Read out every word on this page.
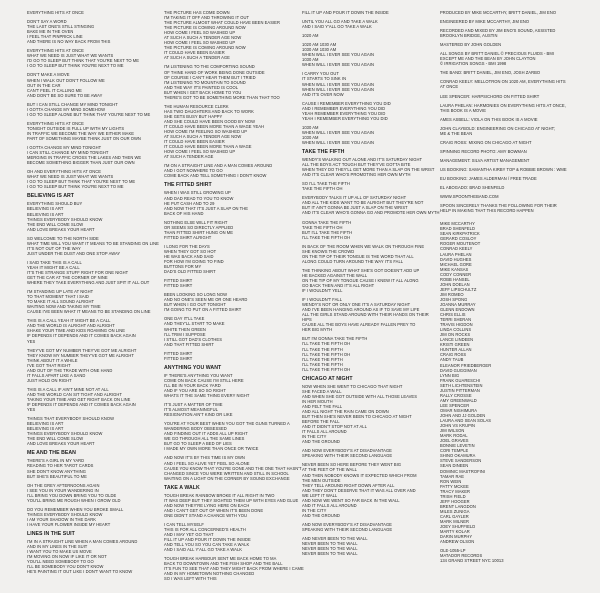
EVERYTHING HITS AT ONCE
DON'T SAY A WORD
THE LAST ONE'S STILL STINGING
BAKE ME IN THE OVEN
I FEEL THAT PINPRICK LINE
AND THERE IS NO WAY BACK FROM THIS
EVERYTHING HITS AT ONCE
WHAT WE NEED IS JUST WHAT WE WANTS
I'D GO TO SLEEP BUT THINK THAT YOU'RE NEXT TO ME
I GO TO SLEEP BUT THINK YOU'RE NEXT TO ME
DON'T MAKE A MOVE
WHEN I WALK OUT DON'T FOLLOW ME
OUT IN THE CAR
CAN'T FEEL IT CALLING ME
AND DON'T BE SO SURE TO BE AWAY
BUT I CAN STILL CHANGE MY MIND TONIGHT
I GOTTA CHANGE MY MIND SOMEHOW
I GO TO SLEEP ALONE BUT THINK THAT YOU'RE NEXT TO ME
EVERYTHING HITS AT ONCE
TONIGHT OUTSIDE IS FULL UP WITH MY LIGHTS
IN TRAFFIC WE BECOME THE WAY WE EITHER MAKE
PART OF SOMETHING MAYBE THINK JUST ON OUR OWN
I GOTTA CHANGE MY MIND TONIGHT
I CAN STILL CHANGE MY MIND TONIGHT
MERGING IN TRAFFIC CROSS THE LAKES AND THEN WE
BECOME SOMETHING BIGGER THAN JUST OUR OWN
OH AND EVERYTHING HITS AT ONCE
WHAT WE NEED IS JUST WHAT WE WANTS
I GO TO SLEEP BUT THINK THAT YOU'RE NEXT TO ME
I GO TO SLEEP BUT THINK YOU'RE NEXT TO ME
BELIEVING IS ART
EVERYTHING SHOULD BUY
BELIEVING IS ART
BELIEVING IS ART
THINGS EVERYBODY SHOULD KNOW
THE END WILL COME SLOW
AND LOVE BREAKS YOUR HEART
SO WELCOME TO THE NORTH SIDE
WHAT TIME WILL YOU WANT IT MEANS TO BE STANDING ON LINE
IT'S NOT OUT OF THE WAY
JUST UNDER THE DUST AND ONE STOP AWAY
I SAID TAKE THIS IS A CALL
YEAH IT MIGHT BE A CALL
IT'S THE STRANGE STUFF RIGHT FOR ONE NIGHT
GET THE CAR AT THE CORNER OF NINE
WHERE THEY TAKE EVERYTHING AND JUST SPIT IT ALL OUT
I'M STANDING UP LATE AT NIGHT
TO THAT MOMENT THAT I SAID
TO MAKE IT ALL SOUND ALRIGHT
WAITING NOW AND TAKING MY TIME
CAUSE I'VE BEEN WHAT IT MEANS TO BE STANDING ON LINE
THIS IS A CALL YEAH IT MIGHT BE A CALL
AND THE WORLD IS ALRIGHT AND ALRIGHT
SHAKE YOUR TIME AND KIDS ROAMING ON LINE
IF DEPENDS IT DEPENDS AND IT COMES BACK AGAIN
YES
THEY'VE GOT MY NUMBER THEY'VE GOT ME ALRIGHT
THEY KNOW MY NUMBER THEY'VE GOT ME ALRIGHT
THINK ABOUT IT A WHILE
I'VE GOT THAT RIGHT
AND OUT OF THE TRADE WITH ONE HAND
IT FALLS APART LIKE A SAND
JUST HOLD ON RIGHT
THIS IS A CALL IF AIN'T MINE NOT AT ALL
AND THE WORLD CAN SIT TIGHT AND ALRIGHT
TAKING YOUR TIME AND GET RIGHT BACK ON LINE
IF DEPENDS IT DEPENDS AND IT COMES BACK AGAIN
YES
THINGS THAT EVERYBODY SHOULD KNOW
BELIEVING IS ART
BELIEVING IS ART
THINGS EVERYBODY SHOULD KNOW
THE END WILL COME SLOW
AND LOVE BREAKS YOUR HEART
ME AND THE BEAN
THERE'S A GIRL IN MY YARD
READING TO HER TAROT CARDS
SHE DON'T KNOW ANYTHING
BUT SHE'S BEAUTIFUL TO ME
OH THE GREY AFTERNOONS AGAIN
I SEE YOU IN YOUR WANDERING IN
I'LL BRING YOU DOWN BRING YOU TO OLDE
YOU'LL BRING ME ROUGH WHEN I GROW OLD
DO YOU REMEMBER WHEN YOU BROKE SMALL
THINGS EVERYBODY SHOULD KNOW
I AM YOUR SHADOW IN THE DARK
I HAVE YOUR FLOWER INSIDE MY HEART
LINES IN THE SUIT
I'M IN A STRAIGHT LINE WHEN A MAN COMES AROUND
AND IN MY LINES IN THE SUIT
I WANT YOU TO MAKE US MOVE
I'M MOVING ON NOW IF LIKE IT OR NOT
YOU'LL NEED SOMEBODY TO GO
I'LL BE SOMEBODY YOU DON'T KNOW
HE'S PAINTING IT OUT LIKE I DON'T WANT TO KNOW
THE PICTURE HAS COME DOWN
I'M TAKING IT OFF AND THROWING IT OUT
THE PICTURE ALMOST WHAT COULD HAVE BEEN EASIER
THE PICTURE IS COMING AROUND NOW
HOW COME I FEEL SO WASHED UP
AT SUCH A SUCH A TENDER AGE NOW
HOW COME I FEEL SO WASHED UP
THE PICTURE IS COMING AROUND NOW
IT COULD HAVE BEEN EASIER
AT SUCH A SUCH A TENDER AGE
I'M LISTENING TO THE COMFORTING SOUND
OF THINE HAND OF WORK BEING DONE OUTSIDE
OF COURSE I CAN'T HEAR THEM BUT I TRIED
I'M LISTENING TO MOUNTAIN TO SOUND
AND THE WAY IT'S PAINTED IS COOL
BUT WHEN I GET BACK HOME TO YOU
THERE'S GOT TO BE SOMETHING MORE THAN THAT TOO
THE HUMAN RESOURCE CLERK
HAS TWO DAUGHTERS AND BACK TO WORK
SHE GETS BUSY BUT HAPPY
AND SHE COULD HAVE BEEN GOOD BY NOW
IT COULD HAVE BEEN MORE THAN A WAGE YEAH
HOW COME I'M FEELING SO WASHED UP
AT SUCH A SUCH A TENDER AGE NOW
IT COULD HAVE BEEN EASIER
IT COULD HAVE BEEN MORE THAN A WAGE
HOW COME I FEEL SO WASHED UP
AT SUCH A TENDER AGE
I'M ON A STRAIGHT LINE AND A MAN COMES AROUND
AND I GOT NOWHERE TO GO
COME BACK AND TELL SOMETHING I DON'T KNOW
THE FITTED SHIRT
WHEN I WAS STILL GROWING UP
AND DAD READ TO YOU TO KNOW
HE PUT CASH AND TO 29
AND NOW THAT IT'S JUST A SLAP ON THE
BACK OF HIS HAND
NOTHING ELSE WILL FIT RIGHT
OR SEEMS SO DIRECTLY APPLIED
THAN FITTED SHIRT HUNG ON ME
FITTED SHIRT ALRIGHT
I LONG FOR THE DAYS
WHEN THEY GOT SO HOT
HE WAS BACK AND SAID
FOR HOW I'M GOING TO FIND
BUTTONS FOR MY
DAD'S OLD FITTED SHIRT
FITTED SHIRT
FITTED SHIRT
BEEN LOOKING SO LONG NOW
AND NO ONE'S SEEN ME OR ONE HEARD
BUT WHEN I GO OUT TONIGHT
I'M GOING TO PUT ON A FITTED SHIRT
ONE DAY IT'LL TAKE
AND THEY'LL START TO MAKE
WHITE THEN GREEN
I'LL TRIM I SUPPOSE
I STILL GOT DAD'S CLOTHES
AND THAT FITTED SHIRT
FITTED SHIRT
FITTED SHIRT
ANYTHING YOU WANT
IF THERE'S ANYTHING YOU WANT
COME ON BACK CAUSE I'M STILL HERE
I'LL BE IN YOUR BACK YARD
AND IF YOU ARE SO SO RIGHT
WHATS IT THE SAME THING EVERY NIGHT
IT'S JUST A MATTER OF TIME
IT'S ALMOST MEANINGFUL
RESIGNATION AIN'T KIND OR LIKE
YOU'RE AT YOUR BEST WHEN YOU GOT THE GUNS TURNED A
WANDERING BODY OBSESSED
AND FINDING OUT IT ADDS ALL UP RIGHT
WE GO THROUGH ALL THE SAME LINES
BUT GO TO SLEEP A BED OF LIES
I MADE MY OWN MORE THAN ONCE OR TWICE
AND NOW IT'S BY THIS TIME IS MY OWN
AND I FEEL SO ALIVE YET FEEL SO ALONE
CAUSE YOU KNOW THAT YOU'RE GONE AND THE ONE THAT HASN'T
CHANGED SINCE YOU WERE WRITTEN AND STILL IN SCHOOL
WAITING ON A LIGHT ON THE CORNER BY SOUND EXCHANGE
TAKE A WALK
TOUGH BREAK RAINBOW BROKE IT ALL RIGHT IN TWO
IT WAS DEEP BUT THEY SIGHTED THEM UP WITH EYES AND GLUE
AND NOW THEY'RE LYING HERE ON EACH
AND I CAN'T GET OUT OF WHEN IT'S BEEN DONE
ONE DIDN'T STAND A CHANCE WITH YOU
I CAN TELL MYSELF
THIS IS FOR ALL CONCERNED'S HEALTH
AND I MAY YET GO THAT
FILL IT UP AND POUR IT DOWN THE INSIDE
AND TELL YOU SO YOU CAN TAKE A WALK
AND I SAID ALL Y'ALL GO TAKE A WALK
TOUGH BREAK HARBOUR SENT ME BACK HOME TO MA
BACK TO DOWNTOWN AND THE FISH SHOP AND THE BALL
IT'S FUN TO SEE THAT AND THEY MIGHT BACK FROM WHERE I CAME
AND IN MY HOMETOWN NOTHING CHANGED
SO I WAS LEFT WITH THIS
FILL IT UP AND POUR IT DOWN THE INSIDE
UNTIL YOU ALL GO AND TAKE A WALK
AND I SAID Y'ALL GO TAKE A WALK
1020 AM
1020 AM 1030 AM
1030 AM 1030 AM
WHEN WILL I EVER SEE YOU AGAIN
1030 AM
WHEN WILL I EVER SEE YOU AGAIN
I CARRY YOU OUT
IT STARTS TO SINK IN
WHEN WILL I EVER SEE YOU AGAIN
WHEN WILL I EVER SEE YOU AGAIN
AND IT'S OVER NOW
CAUSE I REMEMBER EVERYTHING YOU DID
AND I REMEMBER EVERYTHING YOU DID
YEAH REMEMBER EVERYTHING YOU DID
YEAH I REMEMBER EVERYTHING YOU DID
1030 AM
WHEN WILL I EVER SEE YOU AGAIN
1030 AM
WHEN WILL I EVER SEE YOU AGAIN
TAKE THE FIFTH
WENDY'S WALKING OUT ALONE AND IT'S SATURDAY NIGHT
ALL THE BOYS ACT TOUGH BUT THEY'VE GOTTA BITE
WHEN THEY DO THEY'LL GET MORE THAN A SLAP ON THE WRIST
AND IT'S CLEAR WHO'S PROMOTING HER OWN MYTH
SO I'LL TAKE THE FIFTH
TAKE THE FIFTH OH
EVERYBODY TALKS IT UP ALL OF SATURDAY NIGHT
AND ALL THE KIDS WANT TO BE ALRIGHT BUT THEY'RE NOT
BUT IT AIN'T GONNA BE JUST A SLAP ON THE WRIST
AND IT'S CLEAR WHO'S GONNA GO AND PROMOTE HER OWN MYTH
GONNA TAKE THE FIFTH
TAKE THE FIFTH OH
BUT I'LL TAKE THE FIFTH
I'LL TAKE THE FIFTH OH
IN BACK OF THE ROOM WHEN WE WALK ON THROUGH FINE
SHE KNOWS THE CROWD
ON THE TIP OF THEIR TONGUE IS THE WORD THAT ALL
ALONG COULD TURN AROUND THE WAY IT'S FALL
THE THINKING ABOUT WHAT SHE'S GOT DOESN'T ADD UP
HE BACKED AGAINST THE WALL
ON THE TIP OF MY TONGUE CAUSE I KNEW IT ALL ALONG
GO BACK THEN AND IT'S ALL RIGHT
IF I WOULDN'T YELL
IF I WOULDN'T FALL
WENDY'S NOT OR ONLY ONE IT'S A SATURDAY NIGHT
AND I'VE BEEN HANGING AROUND AS IF TO SAVE MY LIFE
ALL THE GIRLS STAND AROUND WITH THEIR HANDS ON THEIR
HIPS
CAUSE ALL THE BOYS HAVE ALREADY FALLEN PREY TO
HER BIG MYTH
BUT I'M GONNA TAKE THE FIFTH
I'LL TAKE THE FIFTH OH
I'LL TAKE THE FIFTH
I'LL TAKE THE FIFTH OH
I'LL TAKE THE FIFTH
I'LL TAKE THE FIFTH
I'LL TAKE THE FIFTH OH
CHICAGO AT NIGHT
NOW WHEN SHE WENT TO CHICAGO THAT NIGHT
SHE FACED A WALL
AND WHEN SHE GOT OUTSIDE WITH ALL THOSE LEAVES
IN HER MOUTH
AND FELT THE FALL
AND ALL NIGHT THE RAIN CAME ON DOWN
BUT THEN SHE'S NEVER BEEN TO CHICAGO AT NIGHT
BEFORE THE FALL
AND IT DIDN'T STOP NOT AT ALL
IT FALLS ALL AROUND
IN THE CITY
AND THE GROUND
AND NOW EVERYBODY'S AT DISADVANTAGE
SPEAKING WITH THEIR SECOND LANGUAGE
NEVER BEEN SO HERE BEFORE THEY WENT BIG
AT THE FEET OF THE WALL
AND THEN NOBODY KNOWS IT EXPECTED WHICH FROM
THE MEN OUTSIDE
THEY TELL AROUND RIGHT DOWN AFTER ALL
AND THEY DON'T DESERVE THAT IT WAS ALL OVER AND
WE LEFT IT WALL
AND NOW WE WENT SO FAR BACK IN THE WALL
AND IT FALLS ALL AROUND
IN THE CITY
AND THE GROUND
AND NOW EVERYBODY'S AT DISADVANTAGE
SPEAKING WITH THEIR SECOND LANGUAGE
AND NEVER BEEN TO THE WALL
NEVER BEEN TO THE WALL
NEVER BEEN TO THE WALL
NEVER BEEN TO THE WALL
PRODUCED BY MIKE MCCARTHY, BRITT DANIEL, JIM ENO
ENGINEERED BY MIKE MCCARTHY, JIM ENO
RECORDED AND MIXED BY JIM ENO'S SOUND, ASSISTED
BROOKLYN BRIDGE, AUSTIN
MASTERED BY JOHN GOLDEN
ALL SONGS BY BRITT DANIEL © PRECIOUS FLUIDS - BMI
EXCEPT ME AND THE BEAN BY JOHN CLAYTON
© IRRIGATION SONGS - BMI 1998
THE BAND: BRITT DANIEL, JIM ENO, JOSH ZARBO
CONRAD KEELY: MELLOTRON ON 1020 AM, EVERYTHING HITS
AT ONCE
LEE SPENCER: HARPSICHORD ON FITTED SHIRT
LAURA PHELAN: HARMONIES ON EVERYTHING HITS AT ONCE,
THIS BOOK IS A MOVIE
AMES ASBELL: VIOLA ON THIS BOOK IS A MOVIE
JOHN CLAYBOLD: ENGINEERING ON CHICAGO AT NIGHT;
ME & THE BEAN
CRAIG ROSS: MIXING ON CHICAGO AT NIGHT
SPINNING RECORD PHOTO: AMY BOWMAN
MANAGEMENT: SILVA ARTIST MANAGEMENT
US BOOKING: SAMANTHA KIRBY TOP & ROBBIE BROWN : WME
EU BOOKING: JAMES ALDERMAN / FREE TRADE
EL ABOGADO: BRAD SHENFELD
WWW.SPOONTHEBAND.COM
SPOON SINCERELY THANKS THE FOLLOWING FOR THEIR
HELP IN MAKING THAT THIS RECORD HAPPEN
MIKE MCCARTHY
BRAD SHENFELD
SEAN KIRKPATRICK
GERARD COSLOY
ROGER MOUTENOT
CONRAD KEELY
LAURA PHELAN
DAVID HUGHES
MICHAEL GORE
MIKE KANSAS
CODY CONNER
ROBB HANSEL
JOHN DOELAN
JEFF LIPSCHULTZ
JIM ROMEO
JOSH SPONG
JOANNA MURRAY
GLENN ENDOWN
CHRIS ELLIS
TERRI SHERAN
TRAVIS HIGDON
LINDA COLLINS
JIM ON ROCKS
LANCE LINDEEN
KRISTI GREEN
HUNTER ALLAN
CRAIG ROSS
ANDY TAUB
ELEANOR FRIEDBERGER
DAVID GUGGIMAN
LYNN BIG
FRANK GUARESCHI
SETH LICHTENSTEIN
JUSTIN PITTERMAN
RALLY CROSSE
AMY GREENWALD
LEE SPENCER
OMAR NISHIMURA
JOHN AND JJ GOLDEN
LAURA AND SEAN SOLAS
JOHN VS KRUPIN
JIM WILSON
MARK RODAL
JOEL GRAVES
BONNIE LEVETIN
CORI TEMPLE
SHINO OKAMURA
STEVE SANDERSON
SEAN DINEEN
DOMINIC MASTROFINI
TAMAR RAE
RON WEIN
PATTY MCKEE
TRACY MAKER
TRISH FIELD
JEFF HOOGER
BRENT LANGDON
MILES ZUNIGA
CARL GAYLER
MARK MILNER
JOEY SHUFFIELD
MARTY KOLAR
DARIN MURPHY
ANDREW OLSON
OLE-1055-LP
MATADOR RECORDS
134 GRAND STREET NYC 10013
